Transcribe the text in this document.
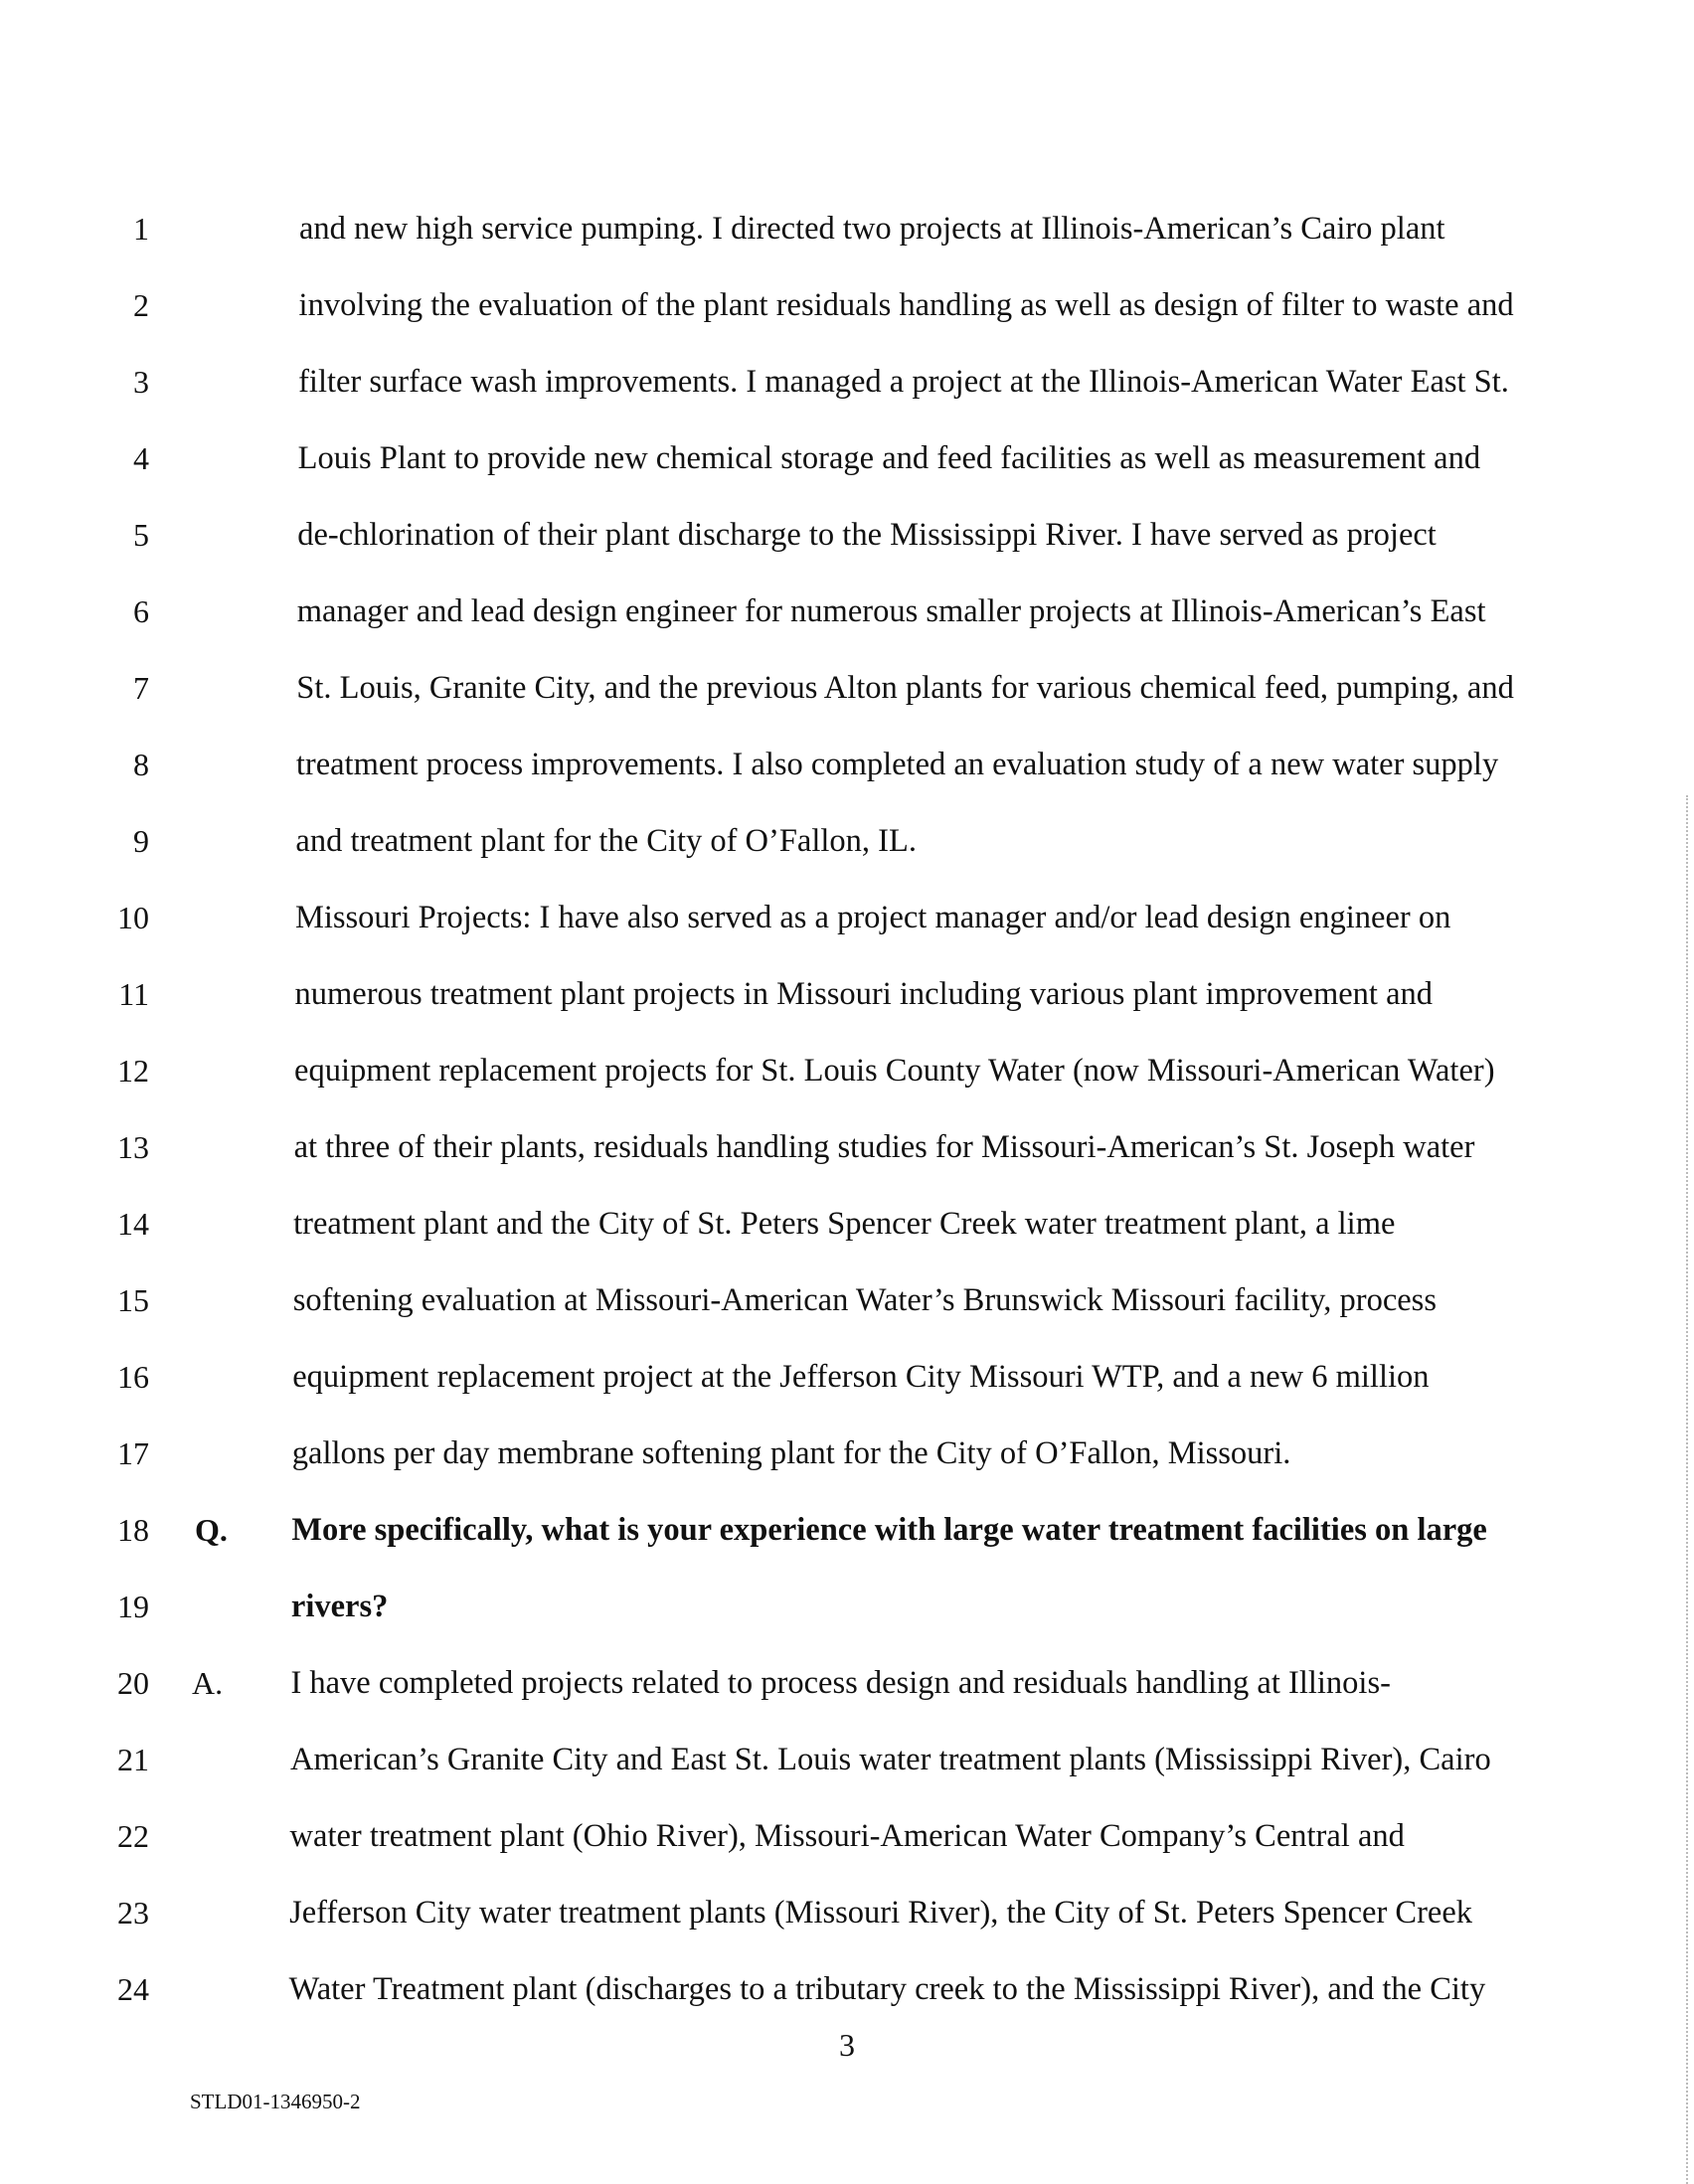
1	and new high service pumping. I directed two projects at Illinois-American’s Cairo plant
2	involving the evaluation of the plant residuals handling as well as design of filter to waste and
3	filter surface wash improvements. I managed a project at the Illinois-American Water East St.
4	Louis Plant to provide new chemical storage and feed facilities as well as measurement and
5	de-chlorination of their plant discharge to the Mississippi River. I have served as project
6	manager and lead design engineer for numerous smaller projects at Illinois-American’s East
7	St. Louis, Granite City, and the previous Alton plants for various chemical feed, pumping, and
8	treatment process improvements. I also completed an evaluation study of a new water supply
9	and treatment plant for the City of O’Fallon, IL.
10	Missouri Projects: I have also served as a project manager and/or lead design engineer on
11	numerous treatment plant projects in Missouri including various plant improvement and
12	equipment replacement projects for St. Louis County Water (now Missouri-American Water)
13	at three of their plants, residuals handling studies for Missouri-American’s St. Joseph water
14	treatment plant and the City of St. Peters Spencer Creek water treatment plant, a lime
15	softening evaluation at Missouri-American Water’s Brunswick Missouri facility, process
16	equipment replacement project at the Jefferson City Missouri WTP, and a new 6 million
17	gallons per day membrane softening plant for the City of O’Fallon, Missouri.
18 Q. More specifically, what is your experience with large water treatment facilities on large
19	rivers?
20 A. I have completed projects related to process design and residuals handling at Illinois-
21	American’s Granite City and East St. Louis water treatment plants (Mississippi River), Cairo
22	water treatment plant (Ohio River), Missouri-American Water Company’s Central and
23	Jefferson City water treatment plants (Missouri River), the City of St. Peters Spencer Creek
24	Water Treatment plant (discharges to a tributary creek to the Mississippi River), and the City
3
STLD01-1346950-2
